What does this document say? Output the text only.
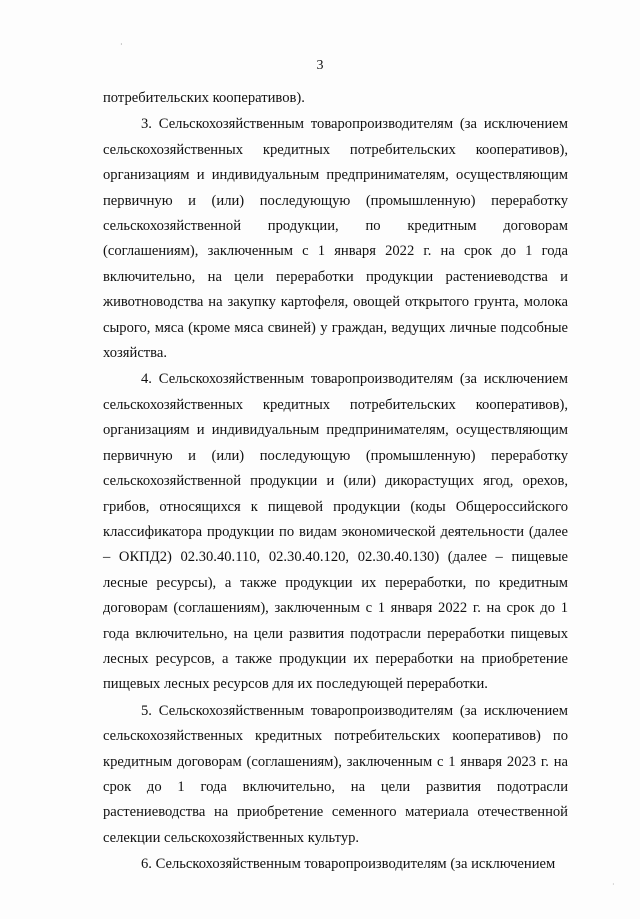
·
3

потребительских кооперативов).

3. Сельскохозяйственным товаропроизводителям (за исключением сельскохозяйственных кредитных потребительских кооперативов), организациям и индивидуальным предпринимателям, осуществляющим первичную и (или) последующую (промышленную) переработку сельскохозяйственной продукции, по кредитным договорам (соглашениям), заключенным с 1 января 2022 г. на срок до 1 года включительно, на цели переработки продукции растениеводства и животноводства на закупку картофеля, овощей открытого грунта, молока сырого, мяса (кроме мяса свиней) у граждан, ведущих личные подсобные хозяйства.

4. Сельскохозяйственным товаропроизводителям (за исключением сельскохозяйственных кредитных потребительских кооперативов), организациям и индивидуальным предпринимателям, осуществляющим первичную и (или) последующую (промышленную) переработку сельскохозяйственной продукции и (или) дикорастущих ягод, орехов, грибов, относящихся к пищевой продукции (коды Общероссийского классификатора продукции по видам экономической деятельности (далее – ОКПД2) 02.30.40.110, 02.30.40.120, 02.30.40.130) (далее – пищевые лесные ресурсы), а также продукции их переработки, по кредитным договорам (соглашениям), заключенным с 1 января 2022 г. на срок до 1 года включительно, на цели развития подотрасли переработки пищевых лесных ресурсов, а также продукции их переработки на приобретение пищевых лесных ресурсов для их последующей переработки.

5. Сельскохозяйственным товаропроизводителям (за исключением сельскохозяйственных кредитных потребительских кооперативов) по кредитным договорам (соглашениям), заключенным с 1 января 2023 г. на срок до 1 года включительно, на цели развития подотрасли растениеводства на приобретение семенного материала отечественной селекции сельскохозяйственных культур.

6. Сельскохозяйственным товаропроизводителям (за исключением

·
